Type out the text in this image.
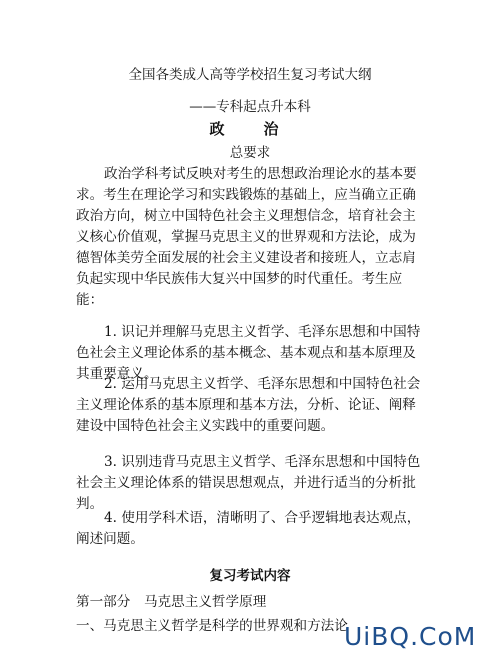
全国各类成人高等学校招生复习考试大纲
——专科起点升本科
政　治
总要求
政治学科考试反映对考生的思想政治理论水的基本要求。考生在理论学习和实践锻炼的基础上，应当确立正确政治方向，树立中国特色社会主义理想信念，培育社会主义核心价值观，掌握马克思主义的世界观和方法论，成为德智体美劳全面发展的社会主义建设者和接班人，立志肩负起实现中华民族伟大复兴中国梦的时代重任。考生应能：
1. 识记并理解马克思主义哲学、毛泽东思想和中国特色社会主义理论体系的基本概念、基本观点和基本原理及其重要意义。
2. 运用马克思主义哲学、毛泽东思想和中国特色社会主义理论体系的基本原理和基本方法，分析、论证、阐释建设中国特色社会主义实践中的重要问题。
3. 识别违背马克思主义哲学、毛泽东思想和中国特色社会主义理论体系的错误思想观点，并进行适当的分析批判。
4. 使用学科术语，清晰明了、合乎逻辑地表达观点，阐述问题。
复习考试内容
第一部分　马克思主义哲学原理
一、马克思主义哲学是科学的世界观和方法论
UiBQ.CoM
